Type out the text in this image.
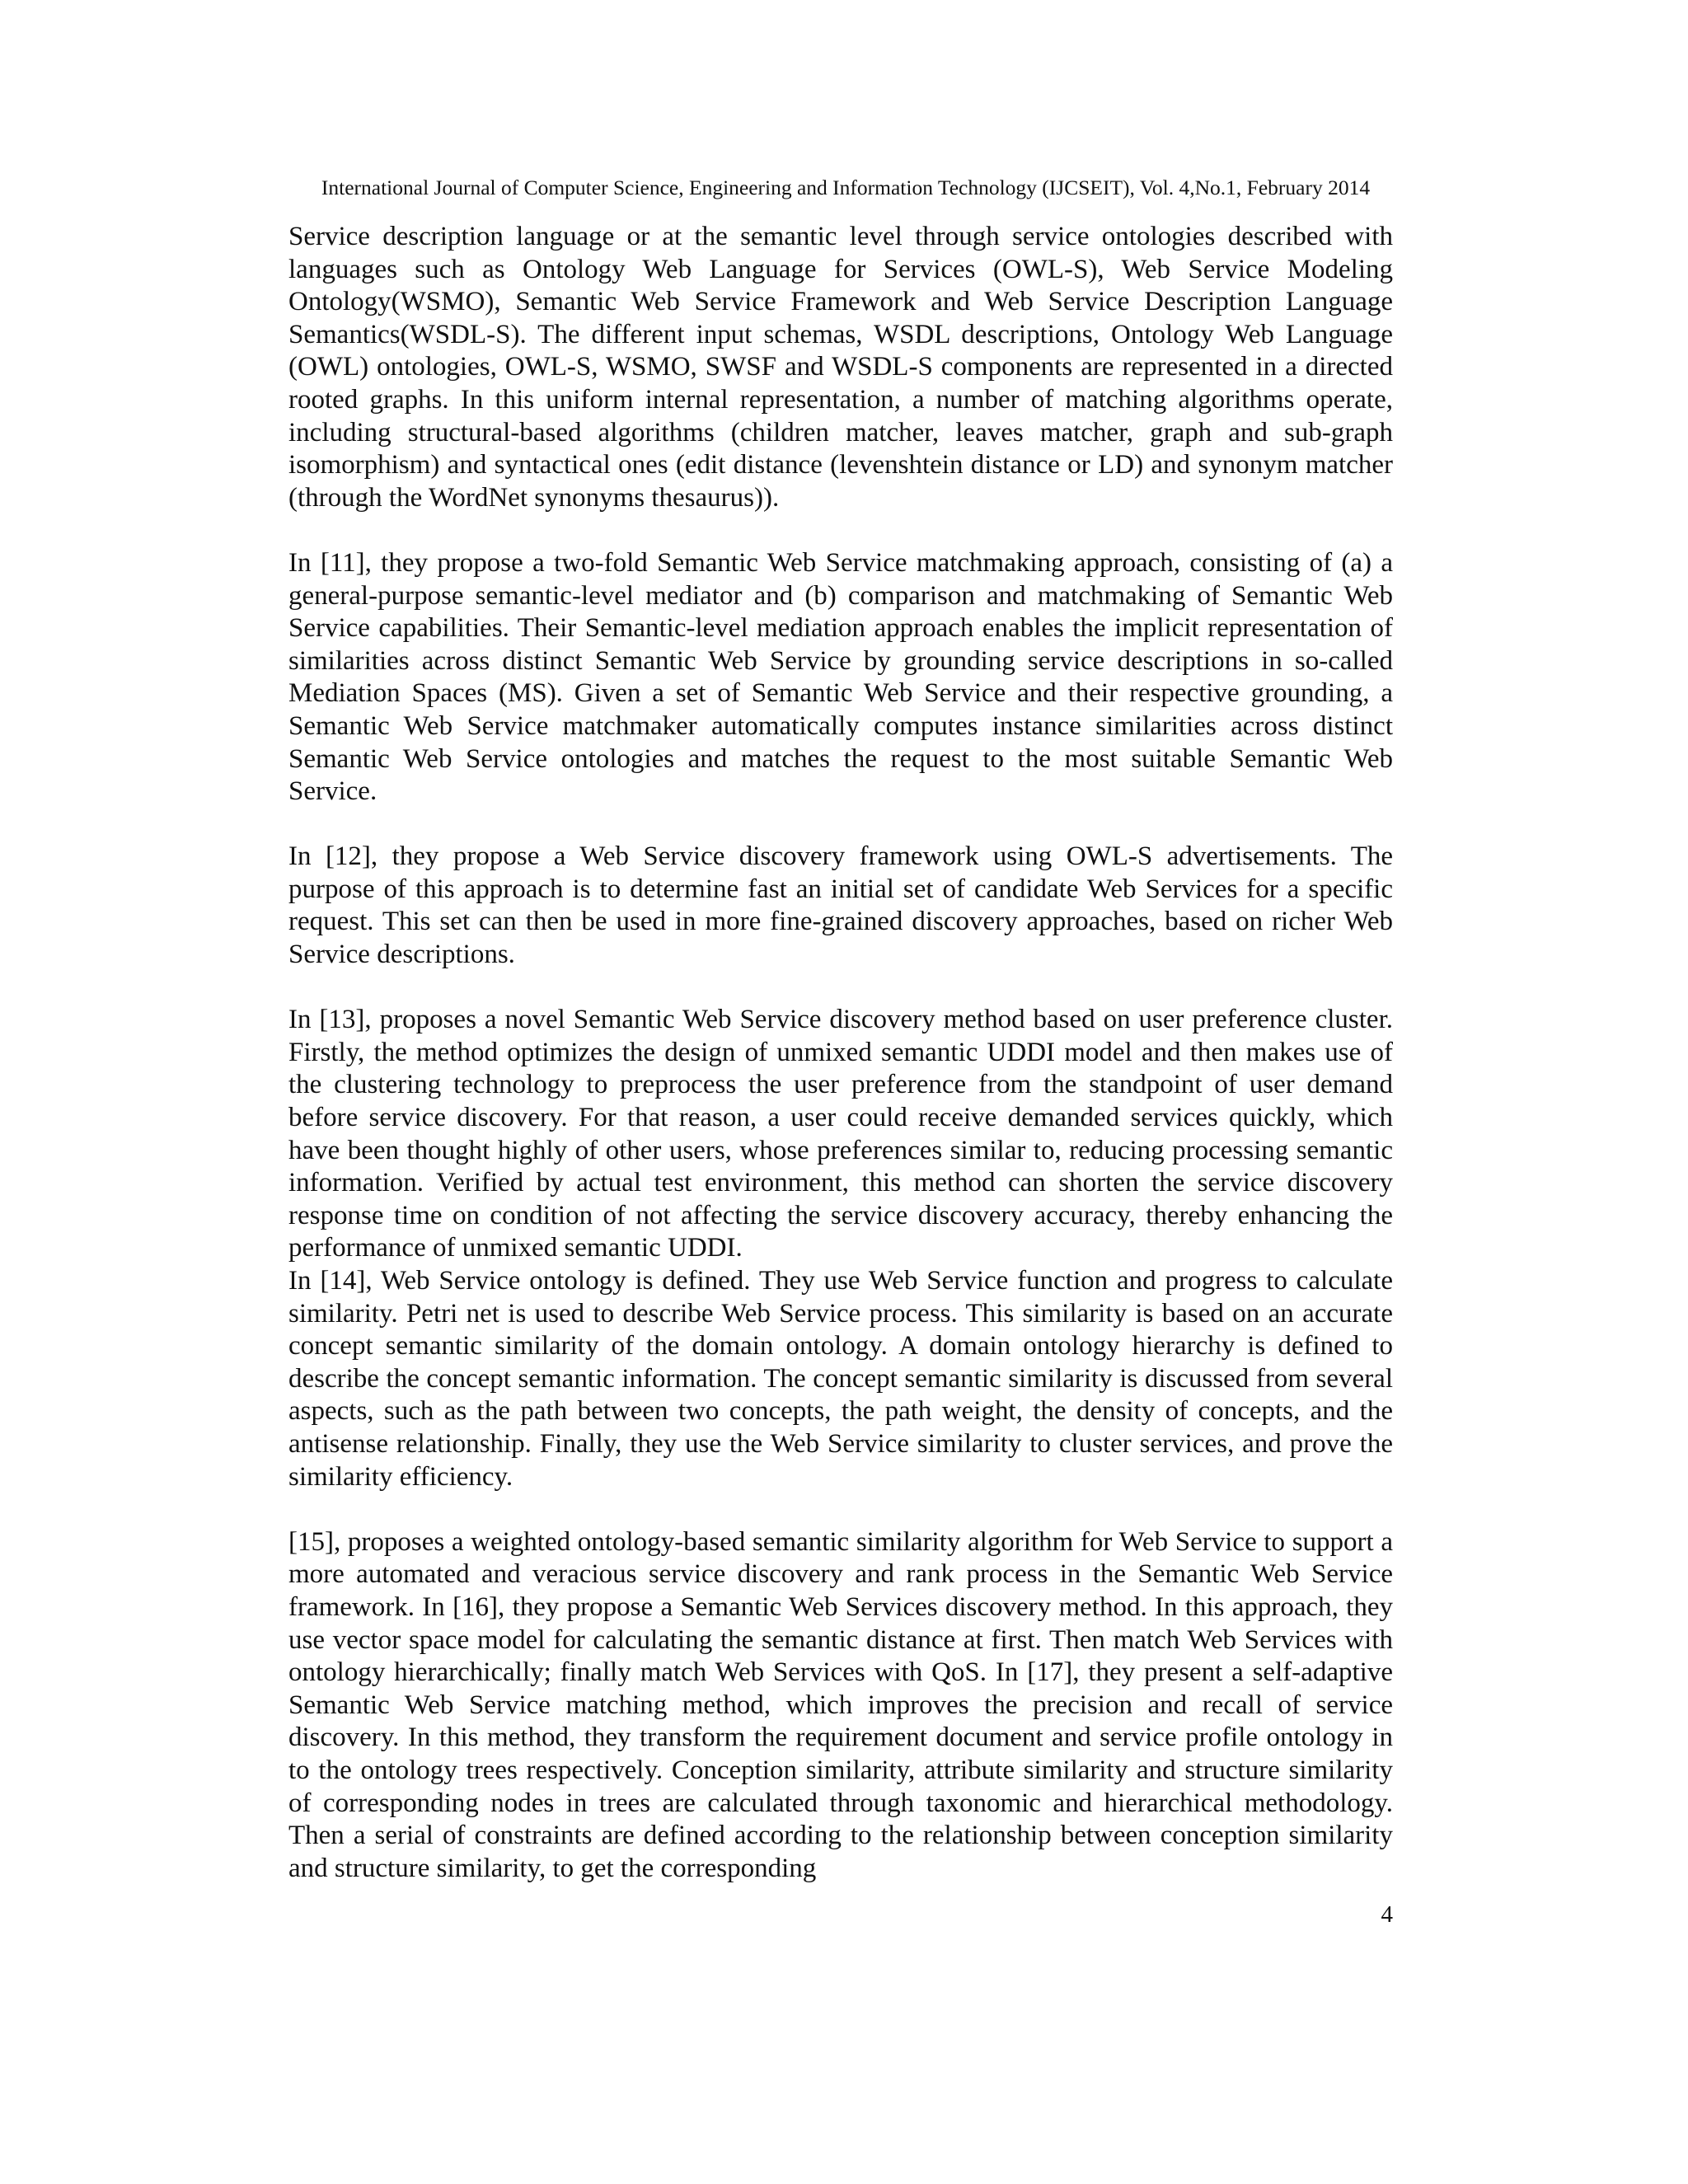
International Journal of Computer Science, Engineering and Information Technology (IJCSEIT), Vol. 4,No.1, February 2014

Service description language or at the semantic level through service ontologies described with languages such as Ontology Web Language for Services (OWL-S), Web Service Modeling Ontology(WSMO), Semantic Web Service Framework and Web Service Description Language Semantics(WSDL-S). The different input schemas, WSDL descriptions, Ontology Web Language (OWL) ontologies, OWL-S, WSMO, SWSF and WSDL-S components are represented in a directed rooted graphs. In this uniform internal representation, a number of matching algorithms operate, including structural-based algorithms (children matcher, leaves matcher, graph and sub-graph isomorphism) and syntactical ones (edit distance (levenshtein distance or LD) and synonym matcher (through the WordNet synonyms thesaurus)).

In [11], they propose a two-fold Semantic Web Service matchmaking approach, consisting of (a) a general-purpose semantic-level mediator and (b) comparison and matchmaking of Semantic Web Service capabilities. Their Semantic-level mediation approach enables the implicit representation of similarities across distinct Semantic Web Service by grounding service descriptions in so-called Mediation Spaces (MS). Given a set of Semantic Web Service and their respective grounding, a Semantic Web Service matchmaker automatically computes instance similarities across distinct Semantic Web Service ontologies and matches the request to the most suitable Semantic Web Service.

In [12], they propose a Web Service discovery framework using OWL-S advertisements. The purpose of this approach is to determine fast an initial set of candidate Web Services for a specific request. This set can then be used in more fine-grained discovery approaches, based on richer Web Service descriptions.

In [13], proposes a novel Semantic Web Service discovery method based on user preference cluster. Firstly, the method optimizes the design of unmixed semantic UDDI model and then makes use of the clustering technology to preprocess the user preference from the standpoint of user demand before service discovery. For that reason, a user could receive demanded services quickly, which have been thought highly of other users, whose preferences similar to, reducing processing semantic information. Verified by actual test environment, this method can shorten the service discovery response time on condition of not affecting the service discovery accuracy, thereby enhancing the performance of unmixed semantic UDDI.

In [14], Web Service ontology is defined. They use Web Service function and progress to calculate similarity. Petri net is used to describe Web Service process. This similarity is based on an accurate concept semantic similarity of the domain ontology. A domain ontology hierarchy is defined to describe the concept semantic information. The concept semantic similarity is discussed from several aspects, such as the path between two concepts, the path weight, the density of concepts, and the antisense relationship. Finally, they use the Web Service similarity to cluster services, and prove the similarity efficiency.

[15], proposes a weighted ontology-based semantic similarity algorithm for Web Service to support a more automated and veracious service discovery and rank process in the Semantic Web Service framework. In [16], they propose a Semantic Web Services discovery method. In this approach, they use vector space model for calculating the semantic distance at first. Then match Web Services with ontology hierarchically; finally match Web Services with QoS. In [17], they present a self-adaptive Semantic Web Service matching method, which improves the precision and recall of service discovery. In this method, they transform the requirement document and service profile ontology in to the ontology trees respectively. Conception similarity, attribute similarity and structure similarity of corresponding nodes in trees are calculated through taxonomic and hierarchical methodology. Then a serial of constraints are defined according to the relationship between conception similarity and structure similarity, to get the corresponding

4
